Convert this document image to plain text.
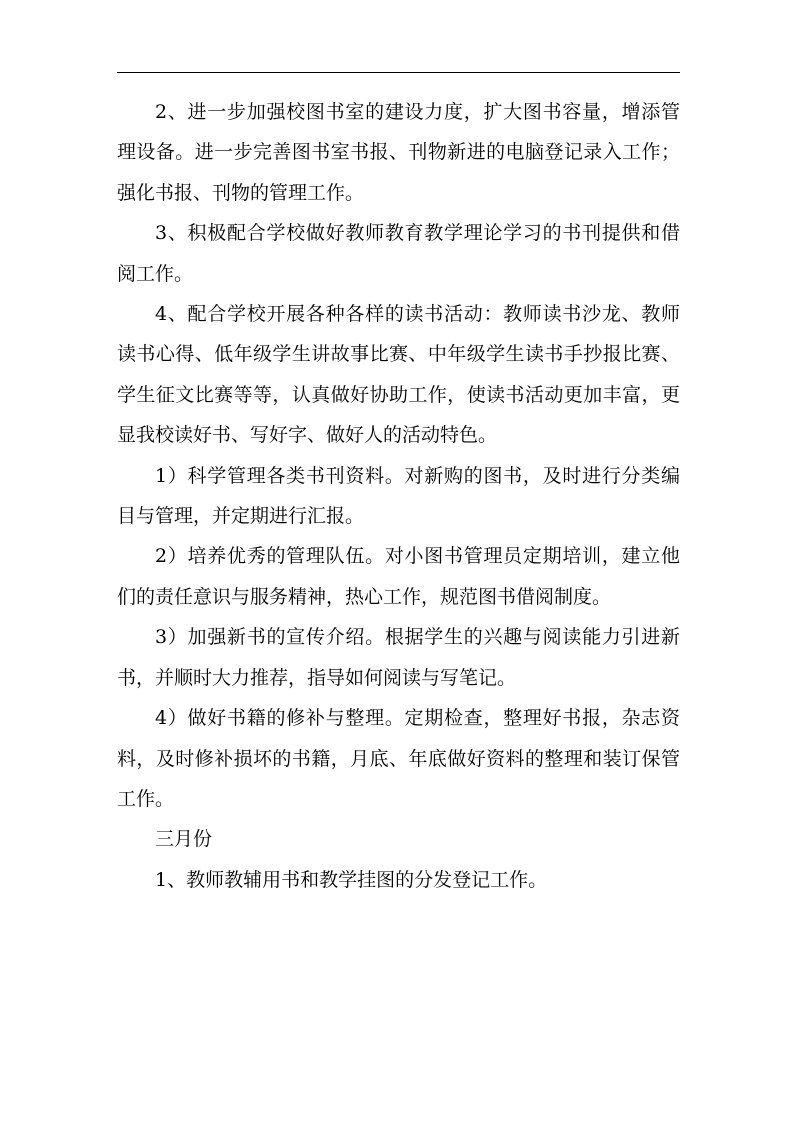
2、进一步加强校图书室的建设力度，扩大图书容量，增添管理设备。进一步完善图书室书报、刊物新进的电脑登记录入工作；强化书报、刊物的管理工作。

3、积极配合学校做好教师教育教学理论学习的书刊提供和借阅工作。

4、配合学校开展各种各样的读书活动：教师读书沙龙、教师读书心得、低年级学生讲故事比赛、中年级学生读书手抄报比赛、学生征文比赛等等，认真做好协助工作，使读书活动更加丰富，更显我校读好书、写好字、做好人的活动特色。

1）科学管理各类书刊资料。对新购的图书，及时进行分类编目与管理，并定期进行汇报。

2）培养优秀的管理队伍。对小图书管理员定期培训，建立他们的责任意识与服务精神，热心工作，规范图书借阅制度。

3）加强新书的宣传介绍。根据学生的兴趣与阅读能力引进新书，并顺时大力推荐，指导如何阅读与写笔记。

4）做好书籍的修补与整理。定期检查，整理好书报，杂志资料，及时修补损坏的书籍，月底、年底做好资料的整理和装订保管工作。

三月份

1、教师教辅用书和教学挂图的分发登记工作。
